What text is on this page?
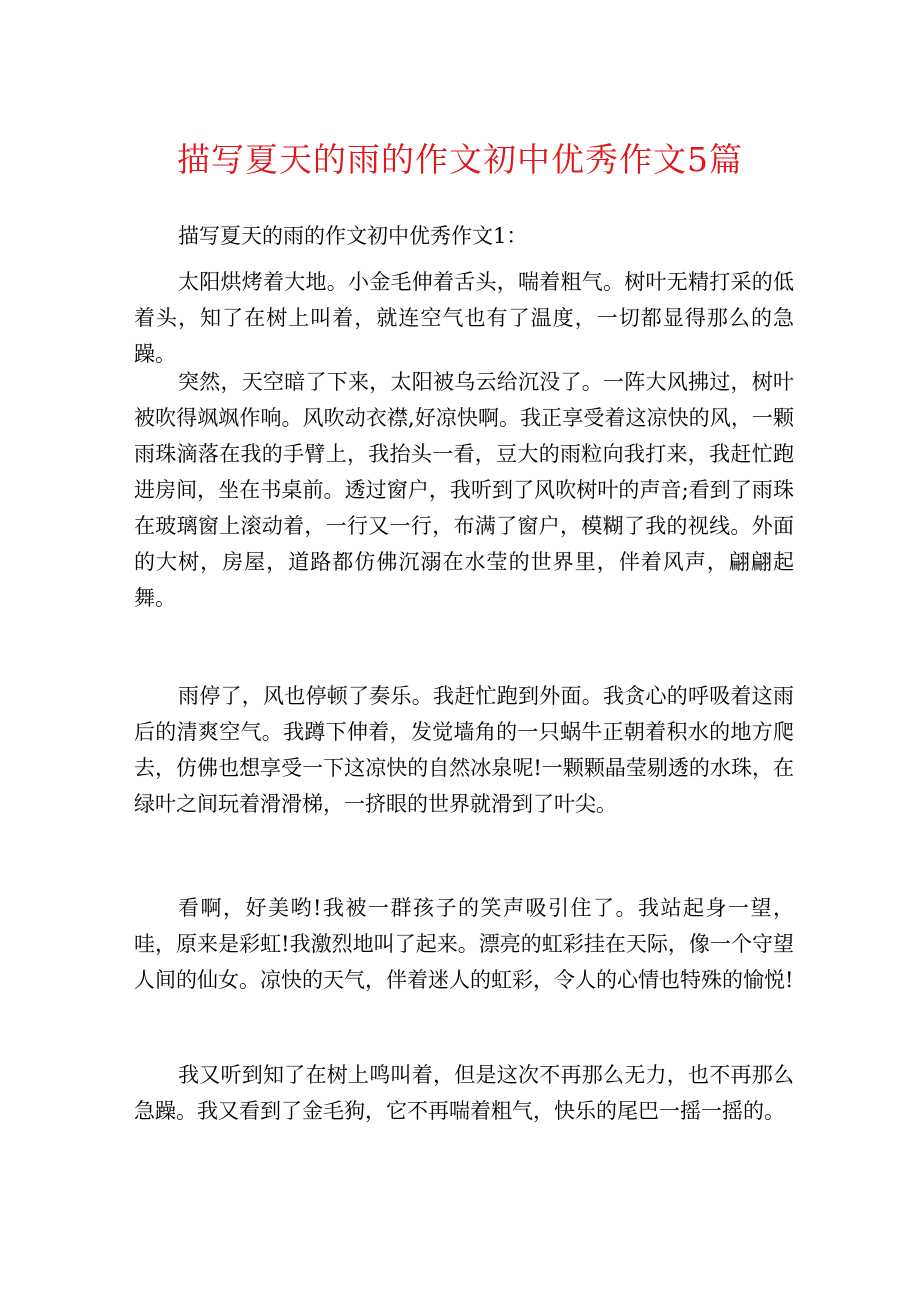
描写夏天的雨的作文初中优秀作文5篇

描写夏天的雨的作文初中优秀作文1：

太阳烘烤着大地。小金毛伸着舌头，喘着粗气。树叶无精打采的低着头，知了在树上叫着，就连空气也有了温度，一切都显得那么的急躁。

突然，天空暗了下来，太阳被乌云给沉没了。一阵大风拂过，树叶被吹得飒飒作响。风吹动衣襟,好凉快啊。我正享受着这凉快的风，一颗雨珠滴落在我的手臂上，我抬头一看，豆大的雨粒向我打来，我赶忙跑进房间，坐在书桌前。透过窗户，我听到了风吹树叶的声音;看到了雨珠在玻璃窗上滚动着，一行又一行，布满了窗户，模糊了我的视线。外面的大树，房屋，道路都仿佛沉溺在水莹的世界里，伴着风声，翩翩起舞。

雨停了，风也停顿了奏乐。我赶忙跑到外面。我贪心的呼吸着这雨后的清爽空气。我蹲下伸着，发觉墙角的一只蜗牛正朝着积水的地方爬去，仿佛也想享受一下这凉快的自然冰泉呢!一颗颗晶莹剔透的水珠，在绿叶之间玩着滑滑梯，一挤眼的世界就滑到了叶尖。

看啊，好美哟!我被一群孩子的笑声吸引住了。我站起身一望，哇，原来是彩虹!我激烈地叫了起来。漂亮的虹彩挂在天际，像一个守望人间的仙女。凉快的天气，伴着迷人的虹彩，令人的心情也特殊的愉悦!

我又听到知了在树上鸣叫着，但是这次不再那么无力，也不再那么急躁。我又看到了金毛狗，它不再喘着粗气，快乐的尾巴一摇一摇的。
